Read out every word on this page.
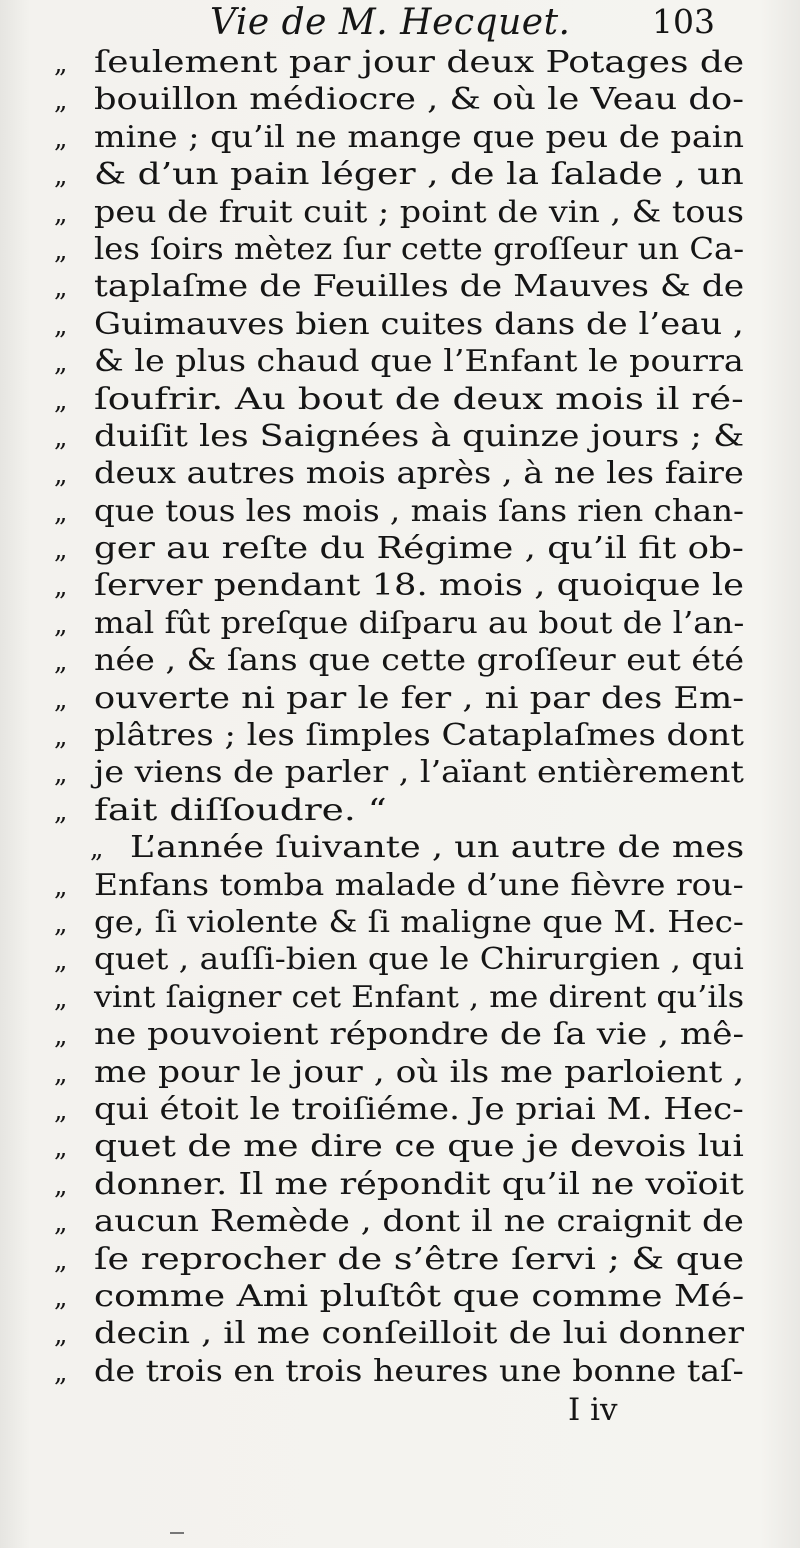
Vie de M. Hecquet. 103
„ ſeulement par jour deux Potages de
„ bouillon médiocre , & où le Veau do-
„ mine ; qu’il ne mange que peu de pain
„ & d’un pain léger , de la ſalade , un
„ peu de fruit cuit ; point de vin , & tous
„ les ſoirs mètez ſur cette groſſeur un Ca-
„ taplaſme de Feuilles de Mauves & de
„ Guimauves bien cuites dans de l’eau ,
„ & le plus chaud que l’Enfant le pourra
„ ſoufrir. Au bout de deux mois il ré-
„ duiſit les Saignées à quinze jours ; &
„ deux autres mois après , à ne les faire
„ que tous les mois , mais ſans rien chan-
„ ger au reſte du Régime , qu’il fit ob-
„ ſerver pendant 18. mois , quoique le
„ mal fût preſque diſparu au bout de l’an-
„ née , & ſans que cette groſſeur eut été
„ ouverte ni par le fer , ni par des Em-
„ plâtres ; les ſimples Cataplaſmes dont
„ je viens de parler , l’aïant entièrement
„ fait diſſoudre. “
„ L’année ſuivante , un autre de mes
„ Enfans tomba malade d’une fièvre rou-
„ ge, ſi violente & ſi maligne que M. Hec-
„ quet , auſſi-bien que le Chirurgien , qui
„ vint ſaigner cet Enfant , me dirent qu’ils
„ ne pouvoient répondre de ſa vie , mê-
„ me pour le jour , où ils me parloient ,
„ qui étoit le troiſiéme. Je priai M. Hec-
„ quet de me dire ce que je devois lui
„ donner. Il me répondit qu’il ne voïoit
„ aucun Remède , dont il ne craignit de
„ ſe reprocher de s’être ſervi ; & que
„ comme Ami pluſtôt que comme Mé-
„ decin , il me conſeilloit de lui donner
„ de trois en trois heures une bonne taſ-
I iv
